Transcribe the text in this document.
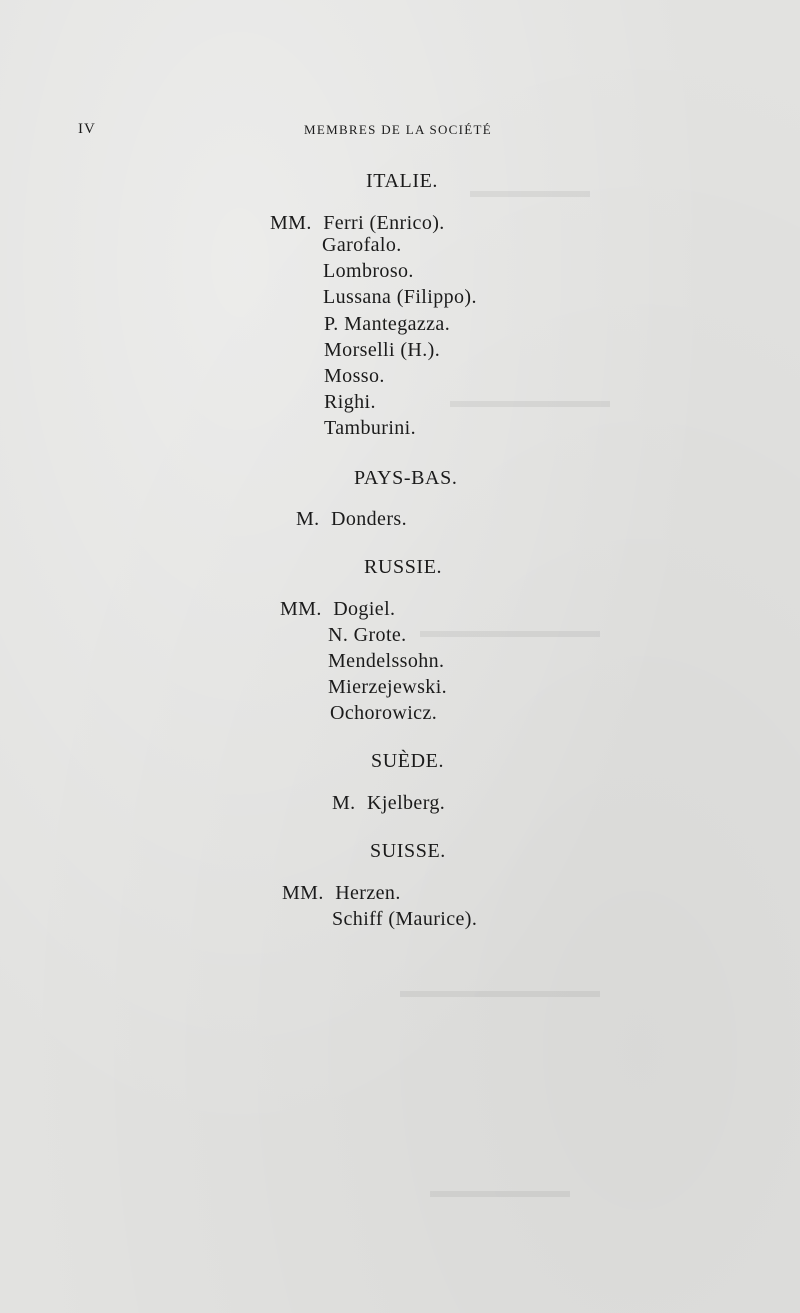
▬▬▬▬▬▬
▬▬▬▬▬▬▬▬
▬▬▬▬▬▬▬▬▬
▬▬▬▬▬▬▬▬▬▬
▬▬▬▬▬▬▬
IV	MEMBRES DE LA SOCIÉTÉ
ITALIE.
MM. Ferri (Enrico).
Garofalo.
Lombroso.
Lussana (Filippo).
P. Mantegazza.
Morselli (H.).
Mosso.
Righi.
Tamburini.
PAYS-BAS.
M. Donders.
RUSSIE.
MM. Dogiel.
N. Grote.
Mendelssohn.
Mierzejewski.
Ochorowicz.
SUÈDE.
M. Kjelberg.
SUISSE.
MM. Herzen.
Schiff (Maurice).
